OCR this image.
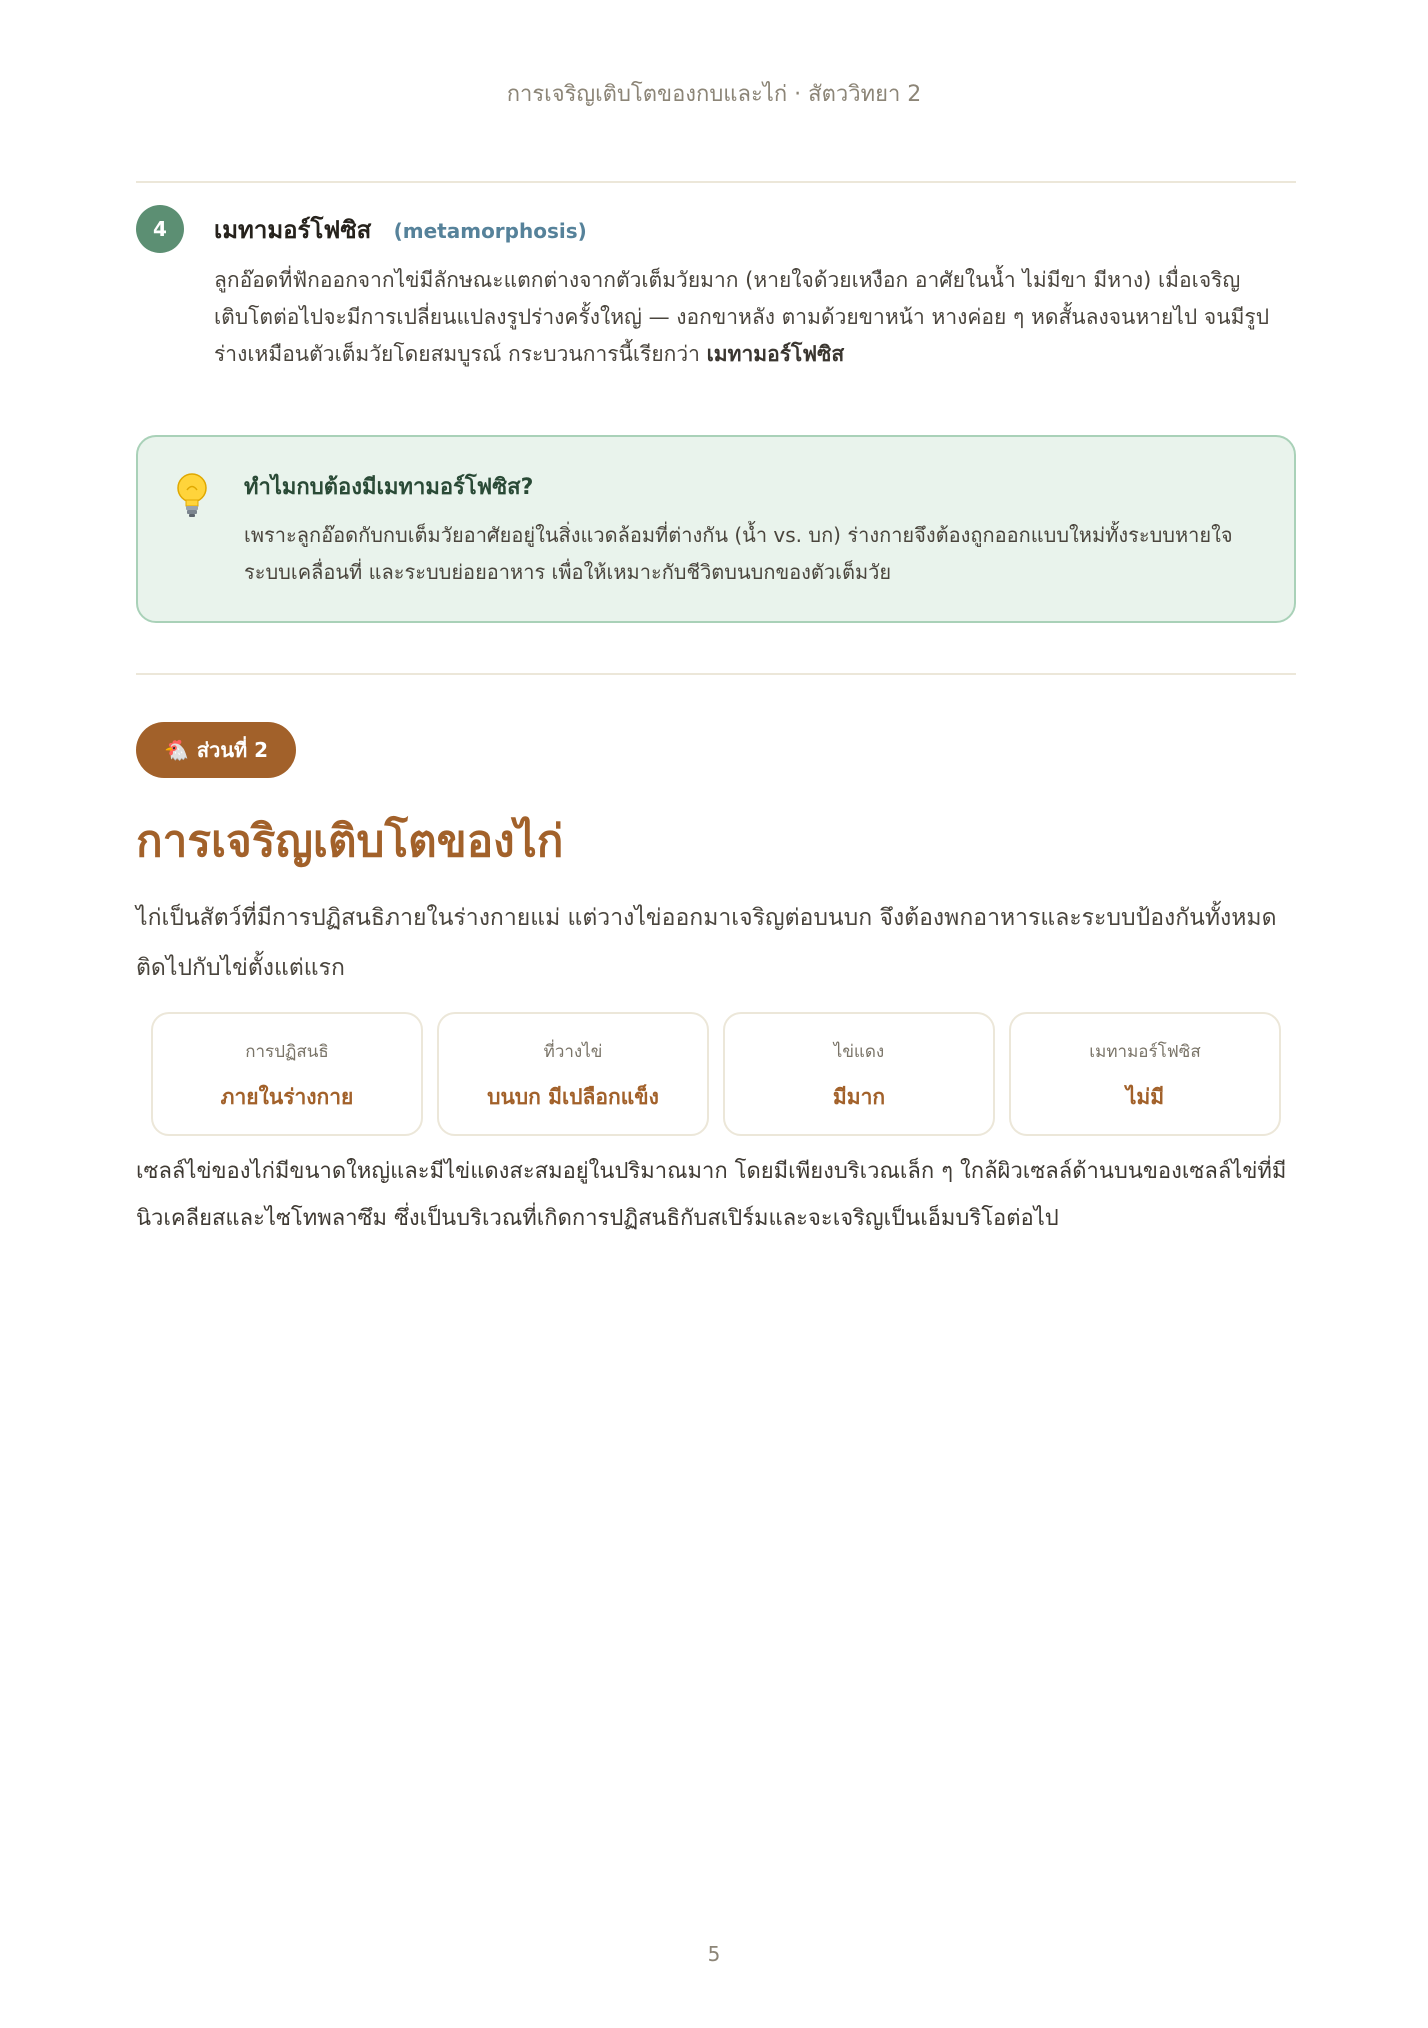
การเจริญเติบโตของกบและไก่ · สัตววิทยา 2
4	เมทามอร์โฟซิส (metamorphosis)
ลูกอ๊อดที่ฟักออกจากไข่มีลักษณะแตกต่างจากตัวเต็มวัยมาก (หายใจด้วยเหงือก อาศัยในน้ำ ไม่มีขา มีหาง) เมื่อเจริญเติบโตต่อไปจะมีการเปลี่ยนแปลงรูปร่างครั้งใหญ่ — งอกขาหลัง ตามด้วยขาหน้า หางค่อย ๆ หดสั้นลงจนหายไป จนมีรูปร่างเหมือนตัวเต็มวัยโดยสมบูรณ์ กระบวนการนี้เรียกว่า เมทามอร์โฟซิส
ทำไมกบต้องมีเมทามอร์โฟซิส?
เพราะลูกอ๊อดกับกบเต็มวัยอาศัยอยู่ในสิ่งแวดล้อมที่ต่างกัน (น้ำ vs. บก) ร่างกายจึงต้องถูกออกแบบใหม่ทั้งระบบหายใจ ระบบเคลื่อนที่ และระบบย่อยอาหาร เพื่อให้เหมาะกับชีวิตบนบกของตัวเต็มวัย
🐔 ส่วนที่ 2
การเจริญเติบโตของไก่
ไก่เป็นสัตว์ที่มีการปฏิสนธิภายในร่างกายแม่ แต่วางไข่ออกมาเจริญต่อบนบก จึงต้องพกอาหารและระบบป้องกันทั้งหมดติดไปกับไข่ตั้งแต่แรก
การปฏิสนธิ
ภายในร่างกาย
ที่วางไข่
บนบก มีเปลือกแข็ง
ไข่แดง
มีมาก
เมทามอร์โฟซิส
ไม่มี
เซลล์ไข่ของไก่มีขนาดใหญ่และมีไข่แดงสะสมอยู่ในปริมาณมาก โดยมีเพียงบริเวณเล็ก ๆ ใกล้ผิวเซลล์ด้านบนของเซลล์ไข่ที่มีนิวเคลียสและไซโทพลาซึม ซึ่งเป็นบริเวณที่เกิดการปฏิสนธิกับสเปิร์มและจะเจริญเป็นเอ็มบริโอต่อไป
5
